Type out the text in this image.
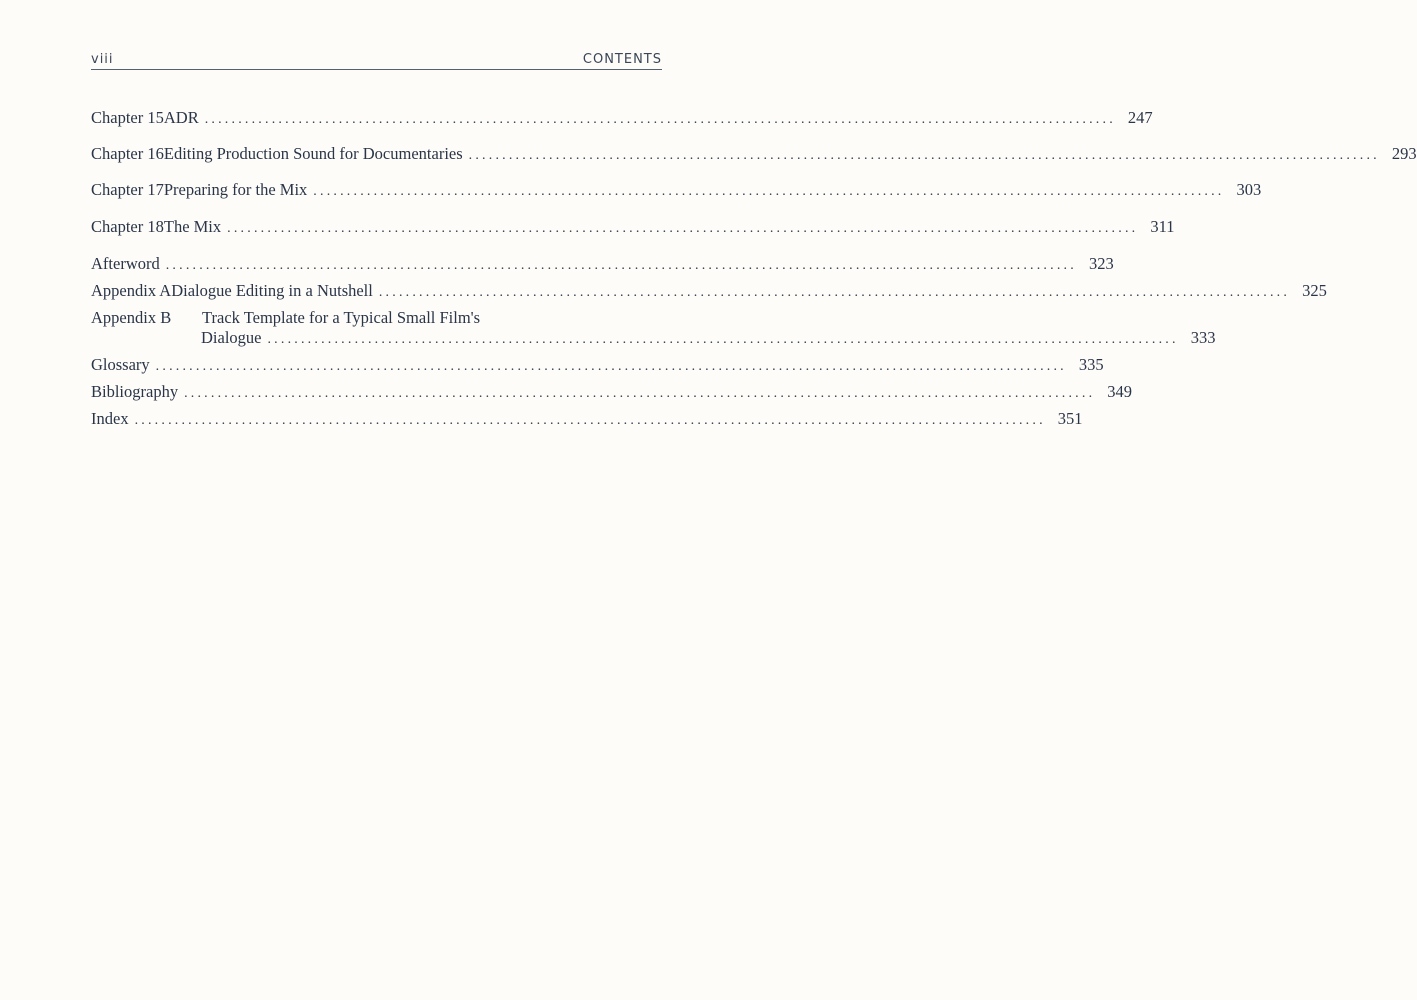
viii	CONTENTS
Chapter 15 ADR ........................................................................................................................................ 247
Chapter 16 Editing Production Sound for Documentaries ........................................................................................................................................ 293
Chapter 17 Preparing for the Mix ........................................................................................................................................ 303
Chapter 18 The Mix ........................................................................................................................................ 311
Afterword ........................................................................................................................................ 323
Appendix A Dialogue Editing in a Nutshell ........................................................................................................................................ 325
Appendix B	Track Template for a Typical Small Film's
Dialogue ........................................................................................................................................ 333
Glossary ........................................................................................................................................ 335
Bibliography ........................................................................................................................................ 349
Index ........................................................................................................................................ 351
